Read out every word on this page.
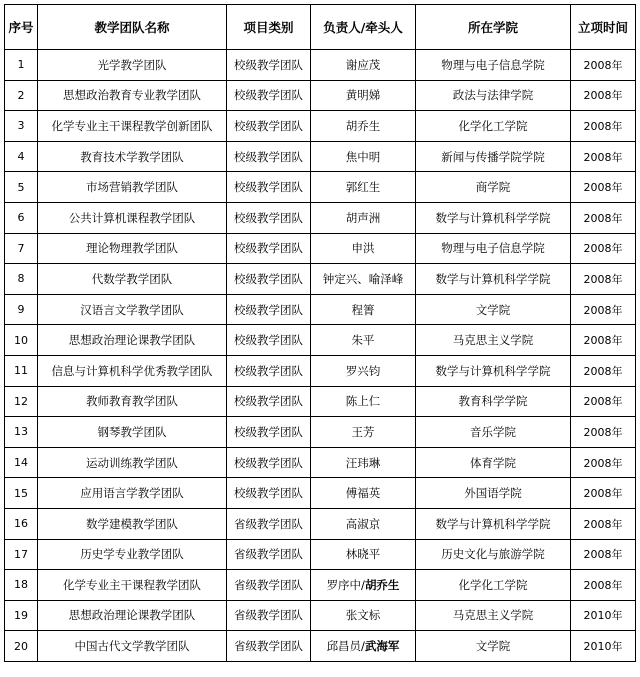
序号	教学团队名称	项目类别	负责人/牵头人	所在学院	立项时间
1	光学教学团队	校级教学团队	谢应茂	物理与电子信息学院	2008年
2	思想政治教育专业教学团队	校级教学团队	黄明娣	政法与法律学院	2008年
3	化学专业主干课程教学创新团队	校级教学团队	胡乔生	化学化工学院	2008年
4	教育技术学教学团队	校级教学团队	焦中明	新闻与传播学院学院	2008年
5	市场营销教学团队	校级教学团队	郭红生	商学院	2008年
6	公共计算机课程教学团队	校级教学团队	胡声洲	数学与计算机科学学院	2008年
7	理论物理教学团队	校级教学团队	申洪	物理与电子信息学院	2008年
8	代数学教学团队	校级教学团队	钟定兴、喻泽峰	数学与计算机科学学院	2008年
9	汉语言文学教学团队	校级教学团队	程箐	文学院	2008年
10	思想政治理论课教学团队	校级教学团队	朱平	马克思主义学院	2008年
11	信息与计算机科学优秀教学团队	校级教学团队	罗兴钧	数学与计算机科学学院	2008年
12	教师教育教学团队	校级教学团队	陈上仁	教育科学学院	2008年
13	钢琴教学团队	校级教学团队	王芳	音乐学院	2008年
14	运动训练教学团队	校级教学团队	汪玮琳	体育学院	2008年
15	应用语言学教学团队	校级教学团队	傅福英	外国语学院	2008年
16	数学建模教学团队	省级教学团队	高淑京	数学与计算机科学学院	2008年
17	历史学专业教学团队	省级教学团队	林晓平	历史文化与旅游学院	2008年
18	化学专业主干课程教学团队	省级教学团队	罗序中/胡乔生	化学化工学院	2008年
19	思想政治理论课教学团队	省级教学团队	张文标	马克思主义学院	2010年
20	中国古代文学教学团队	省级教学团队	邱昌员/武海军	文学院	2010年
